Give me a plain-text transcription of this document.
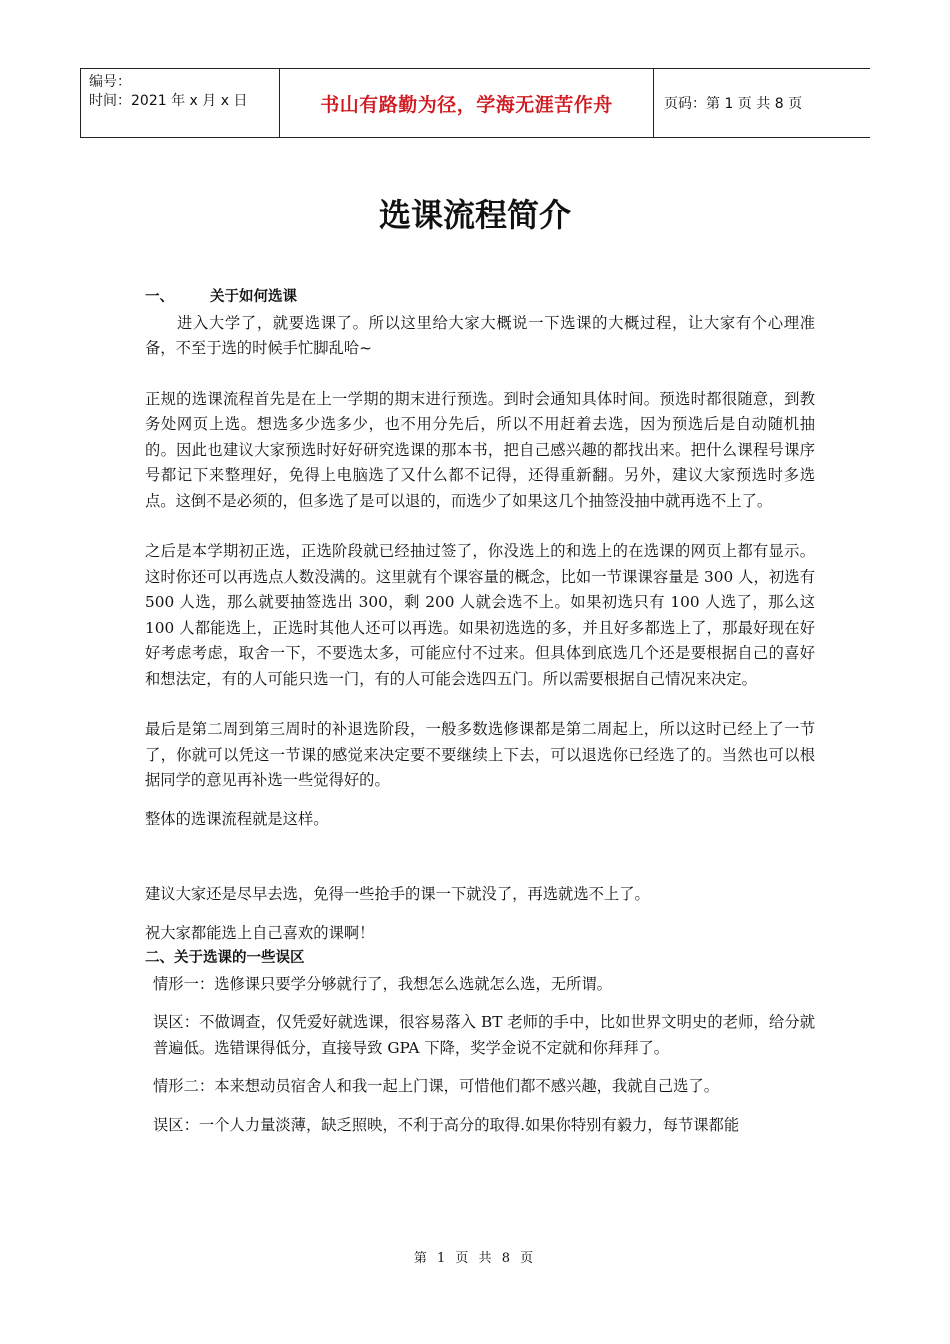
编号：
时间：2021 年 x 月 x 日	书山有路勤为径，学海无涯苦作舟	页码：第 1 页 共 8 页
选课流程简介

一、 关于如何选课

进入大学了，就要选课了。所以这里给大家大概说一下选课的大概过程，让大家有个心理准备，不至于选的时候手忙脚乱哈~

正规的选课流程首先是在上一学期的期末进行预选。到时会通知具体时间。预选时都很随意，到教务处网页上选。想选多少选多少，也不用分先后，所以不用赶着去选，因为预选后是自动随机抽的。因此也建议大家预选时好好研究选课的那本书，把自己感兴趣的都找出来。把什么课程号课序号都记下来整理好，免得上电脑选了又什么都不记得，还得重新翻。另外，建议大家预选时多选点。这倒不是必须的，但多选了是可以退的，而选少了如果这几个抽签没抽中就再选不上了。

之后是本学期初正选，正选阶段就已经抽过签了，你没选上的和选上的在选课的网页上都有显示。这时你还可以再选点人数没满的。这里就有个课容量的概念，比如一节课课容量是 300 人，初选有 500 人选，那么就要抽签选出 300，剩 200 人就会选不上。如果初选只有 100 人选了，那么这 100 人都能选上，正选时其他人还可以再选。如果初选选的多，并且好多都选上了，那最好现在好好考虑考虑，取舍一下，不要选太多，可能应付不过来。但具体到底选几个还是要根据自己的喜好和想法定，有的人可能只选一门，有的人可能会选四五门。所以需要根据自己情况来决定。

最后是第二周到第三周时的补退选阶段，一般多数选修课都是第二周起上，所以这时已经上了一节了，你就可以凭这一节课的感觉来决定要不要继续上下去，可以退选你已经选了的。当然也可以根据同学的意见再补选一些觉得好的。

整体的选课流程就是这样。

建议大家还是尽早去选，免得一些抢手的课一下就没了，再选就选不上了。

祝大家都能选上自己喜欢的课啊！

二、关于选课的一些误区

情形一：选修课只要学分够就行了，我想怎么选就怎么选，无所谓。

误区：不做调查，仅凭爱好就选课，很容易落入 BT 老师的手中，比如世界文明史的老师，给分就普遍低。选错课得低分，直接导致 GPA 下降，奖学金说不定就和你拜拜了。

情形二：本来想动员宿舍人和我一起上门课，可惜他们都不感兴趣，我就自己选了。

误区：一个人力量淡薄，缺乏照映，不利于高分的取得.如果你特别有毅力，每节课都能

第 1 页 共 8 页
